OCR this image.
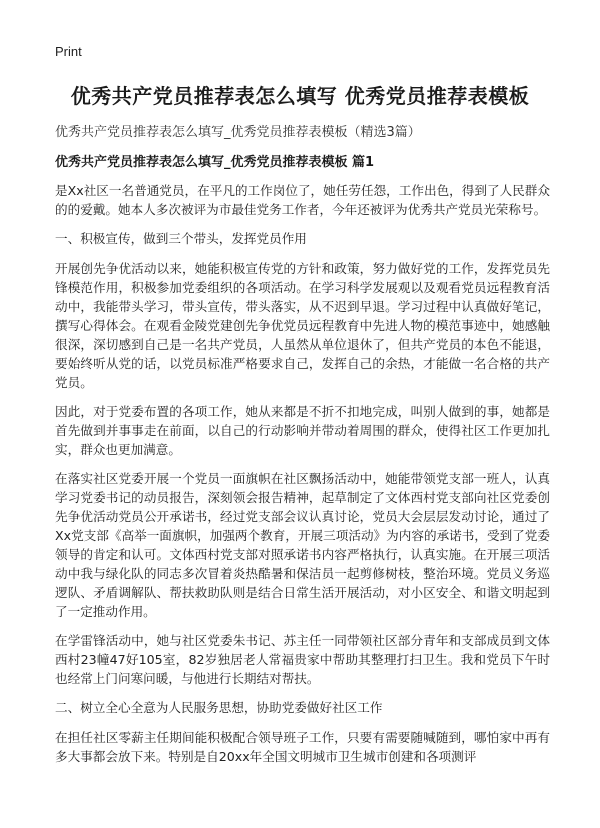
Print
优秀共产党员推荐表怎么填写 优秀党员推荐表模板
优秀共产党员推荐表怎么填写_优秀党员推荐表模板（精选3篇）
优秀共产党员推荐表怎么填写_优秀党员推荐表模板 篇1

是Xx社区一名普通党员，在平凡的工作岗位了，她任劳任怨，工作出色，得到了人民群众的的爱戴。她本人多次被评为市最佳党务工作者，今年还被评为优秀共产党员光荣称号。

一、积极宣传，做到三个带头，发挥党员作用

开展创先争优活动以来，她能积极宣传党的方针和政策，努力做好党的工作，发挥党员先锋模范作用，积极参加党委组织的各项活动。在学习科学发展观以及观看党员远程教育活动中，我能带头学习，带头宣传，带头落实，从不迟到早退。学习过程中认真做好笔记，撰写心得体会。在观看金陵党建创先争优党员远程教育中先进人物的模范事迹中，她感触很深，深切感到自己是一名共产党员，人虽然从单位退休了，但共产党员的本色不能退，要始终听从党的话，以党员标准严格要求自己，发挥自己的余热，才能做一名合格的共产党员。

因此，对于党委布置的各项工作，她从来都是不折不扣地完成，叫别人做到的事，她都是首先做到并事事走在前面，以自己的行动影响并带动着周围的群众，使得社区工作更加扎实，群众也更加满意。

在落实社区党委开展一个党员一面旗帜在社区飘扬活动中，她能带领党支部一班人，认真学习党委书记的动员报告，深刻领会报告精神，起草制定了文体西村党支部向社区党委创先争优活动党员公开承诺书，经过党支部会议认真讨论，党员大会层层发动讨论，通过了Xx党支部《高举一面旗帜，加强两个教育，开展三项活动》为内容的承诺书，受到了党委领导的肯定和认可。文体西村党支部对照承诺书内容严格执行，认真实施。在开展三项活动中我与绿化队的同志多次冒着炎热酷暑和保洁员一起剪修树枝，整治环境。党员义务巡逻队、矛盾调解队、帮扶救助队则是结合日常生活开展活动，对小区安全、和谐文明起到了一定推动作用。

在学雷锋活动中，她与社区党委朱书记、苏主任一同带领社区部分青年和支部成员到文体西村23幢47好105室，82岁独居老人常福贵家中帮助其整理打扫卫生。我和党员下午时也经常上门问寒问暖，与他进行长期结对帮扶。

二、树立全心全意为人民服务思想，协助党委做好社区工作

在担任社区零薪主任期间能积极配合领导班子工作，只要有需要随喊随到，哪怕家中再有多大事都会放下来。特别是自20xx年全国文明城市卫生城市创建和各项测评
